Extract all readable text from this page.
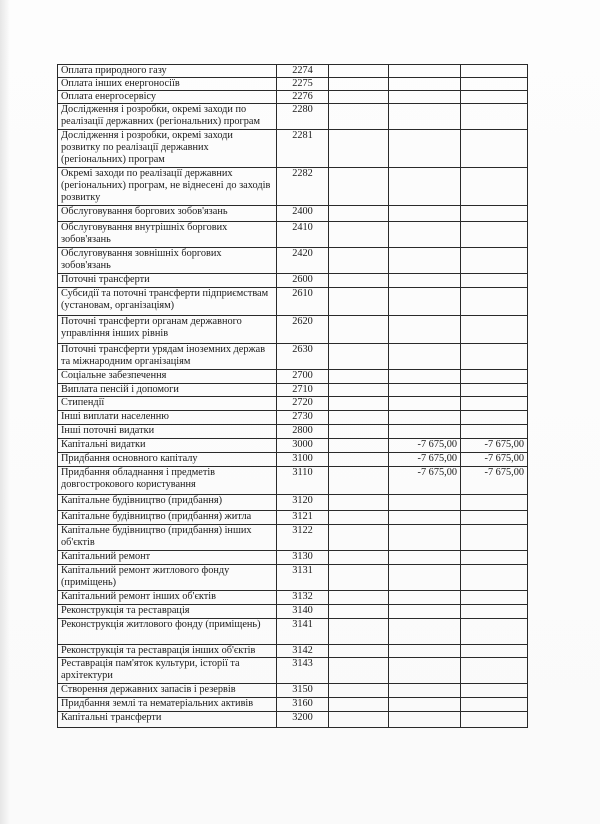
Оплата природного газу	2274			
Оплата інших енергоносіїв	2275			
Оплата енергосервісу	2276			
Дослідження і розробки, окремі заходи по реалізації державних (регіональних) програм	2280			
Дослідження і розробки, окремі заходи розвитку по реалізації державних (регіональних) програм	2281			
Окремі заходи по реалізації державних (регіональних) програм, не віднесені до заходів розвитку	2282			
Обслуговування боргових зобов'язань	2400			
Обслуговування внутрішніх боргових зобов'язань	2410			
Обслуговування зовнішніх боргових зобов'язань	2420			
Поточні трансферти	2600			
Субсидії та поточні трансферти підприємствам (установам, організаціям)	2610			
Поточні трансферти органам державного управління інших рівнів	2620			
Поточні трансферти урядам іноземних держав та міжнародним організаціям	2630			
Соціальне забезпечення	2700			
Виплата пенсій і допомоги	2710			
Стипендії	2720			
Інші виплати населенню	2730			
Інші поточні видатки	2800			
Капітальні видатки	3000		-7 675,00	-7 675,00
Придбання основного капіталу	3100		-7 675,00	-7 675,00
Придбання обладнання і предметів довгострокового користування	3110		-7 675,00	-7 675,00
Капітальне будівництво (придбання)	3120			
Капітальне будівництво (придбання) житла	3121			
Капітальне будівництво (придбання) інших об'єктів	3122			
Капітальний ремонт	3130			
Капітальний ремонт житлового фонду (приміщень)	3131			
Капітальний ремонт інших об'єктів	3132			
Реконструкція та реставрація	3140			
Реконструкція житлового фонду (приміщень)	3141			
Реконструкція та реставрація інших об'єктів	3142			
Реставрація пам'яток культури, історії та архітектури	3143			
Створення державних запасів і резервів	3150			
Придбання землі та нематеріальних активів	3160			
Капітальні трансферти	3200			
